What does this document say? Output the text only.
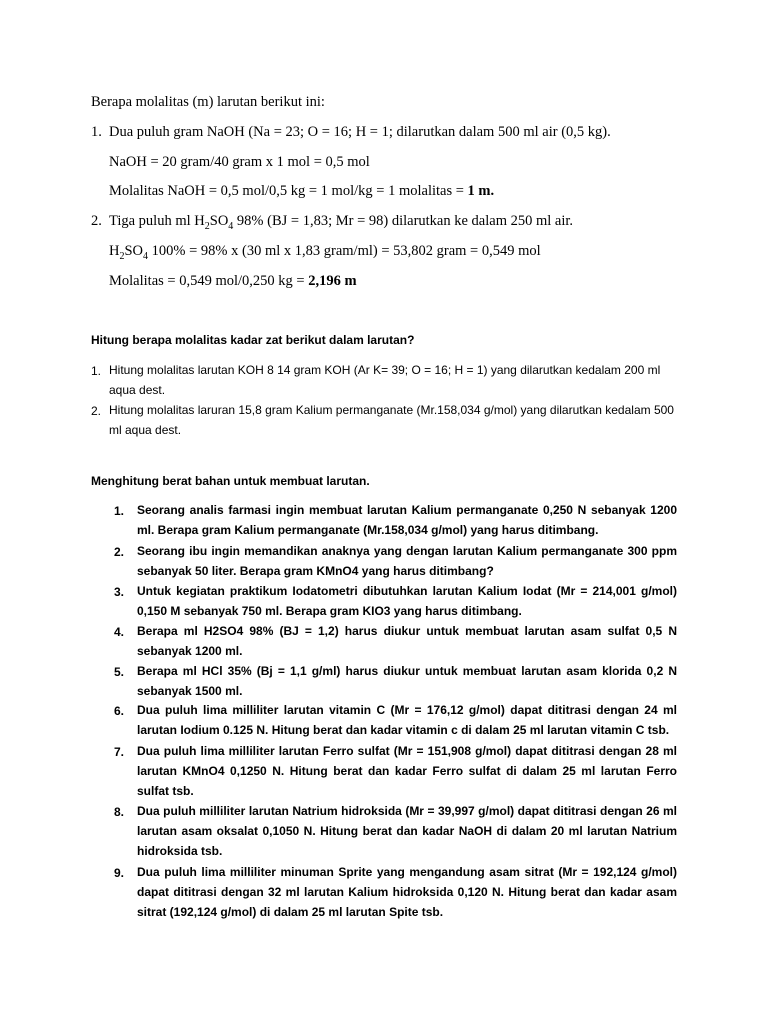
Berapa molalitas (m) larutan berikut ini:
1. Dua puluh gram NaOH (Na = 23; O = 16; H = 1; dilarutkan dalam 500 ml air (0,5 kg).
NaOH = 20 gram/40 gram x 1 mol = 0,5 mol
Molalitas NaOH = 0,5 mol/0,5 kg = 1 mol/kg = 1 molalitas = 1 m.
2. Tiga puluh ml $H_2SO_4$ 98% (BJ = 1,83; Mr = 98) dilarutkan ke dalam 250 ml air.
$H_2SO_4$ 100% = 98% x (30 ml x 1,83 gram/ml) = 53,802 gram = 0,549 mol
Molalitas = 0,549 mol/0,250 kg = 2,196 m
Hitung berapa molalitas kadar zat berikut dalam larutan?
1. Hitung molalitas larutan KOH 8 14 gram KOH (Ar K= 39; O = 16; H = 1) yang dilarutkan kedalam 200 ml aqua dest.
2. Hitung molalitas laruran 15,8 gram Kalium permanganate (Mr.158,034 g/mol) yang dilarutkan kedalam 500 ml aqua dest.
Menghitung berat bahan untuk membuat larutan.
1. Seorang analis farmasi ingin membuat larutan Kalium permanganate 0,250 N sebanyak 1200 ml. Berapa gram Kalium permanganate (Mr.158,034 g/mol) yang harus ditimbang.
2. Seorang ibu ingin memandikan anaknya yang dengan larutan Kalium permanganate 300 ppm sebanyak 50 liter. Berapa gram KMnO4 yang harus ditimbang?
3. Untuk kegiatan praktikum Iodatometri dibutuhkan larutan Kalium Iodat (Mr = 214,001 g/mol) 0,150 M sebanyak 750 ml. Berapa gram KIO3 yang harus ditimbang.
4. Berapa ml H2SO4 98% (BJ = 1,2) harus diukur untuk membuat larutan asam sulfat 0,5 N sebanyak 1200 ml.
5. Berapa ml HCl 35% (Bj = 1,1 g/ml) harus diukur untuk membuat larutan asam klorida 0,2 N sebanyak 1500 ml.
6. Dua puluh lima milliliter larutan vitamin C (Mr = 176,12 g/mol) dapat dititrasi dengan 24 ml larutan Iodium 0.125 N. Hitung berat dan kadar vitamin c di dalam 25 ml larutan vitamin C tsb.
7. Dua puluh lima milliliter larutan Ferro sulfat (Mr = 151,908 g/mol) dapat dititrasi dengan 28 ml larutan KMnO4 0,1250 N. Hitung berat dan kadar Ferro sulfat di dalam 25 ml larutan Ferro sulfat tsb.
8. Dua puluh milliliter larutan Natrium hidroksida (Mr = 39,997 g/mol) dapat dititrasi dengan 26 ml larutan asam oksalat 0,1050 N. Hitung berat dan kadar NaOH di dalam 20 ml larutan Natrium hidroksida tsb.
9. Dua puluh lima milliliter minuman Sprite yang mengandung asam sitrat (Mr = 192,124 g/mol) dapat dititrasi dengan 32 ml larutan Kalium hidroksida 0,120 N. Hitung berat dan kadar asam sitrat (192,124 g/mol) di dalam 25 ml larutan Spite tsb.
